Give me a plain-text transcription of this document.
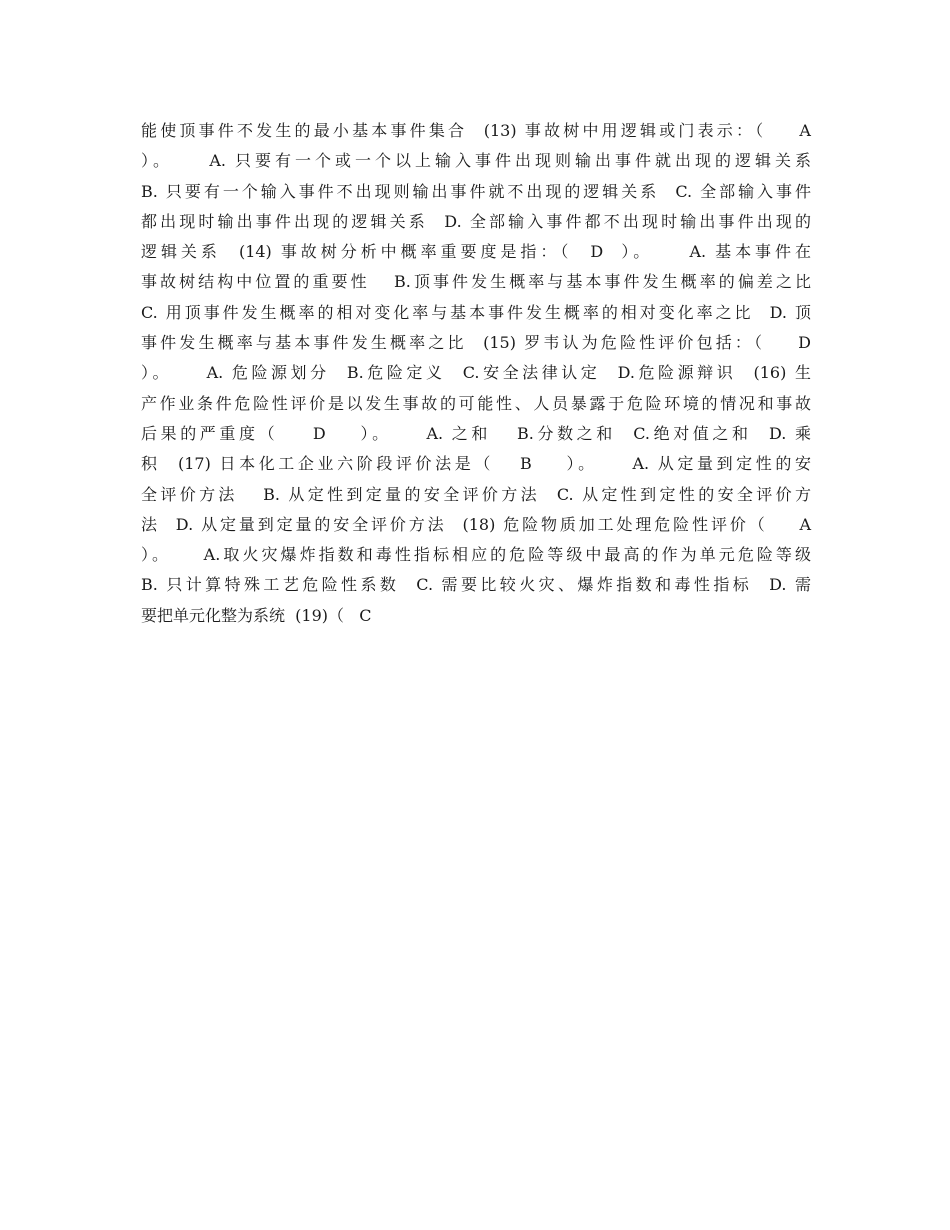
能使顶事件不发生的最小基本事件集合  (13) 事故树中用逻辑或门表示：（    A
）。    A. 只要有一个或一个以上输入事件出现则输出事件就出现的逻辑关系
B. 只要有一个输入事件不出现则输出事件就不出现的逻辑关系  C. 全部输入事件
都出现时输出事件出现的逻辑关系  D. 全部输入事件都不出现时输出事件出现的
逻辑关系  (14) 事故树分析中概率重要度是指：（  D  ）。    A. 基本事件在
事故树结构中位置的重要性   B.顶事件发生概率与基本事件发生概率的偏差之比
C. 用顶事件发生概率的相对变化率与基本事件发生概率的相对变化率之比  D. 顶
事件发生概率与基本事件发生概率之比  (15) 罗韦认为危险性评价包括：（    D
）。    A. 危险源划分  B.危险定义  C.安全法律认定  D.危险源辩识  (16) 生
产作业条件危险性评价是以发生事故的可能性、人员暴露于危险环境的情况和事故
后果的严重度（    D    ）。    A. 之和   B.分数之和  C.绝对值之和  D. 乘
积  (17) 日本化工企业六阶段评价法是（   B    ）。    A. 从定量到定性的安
全评价方法   B. 从定性到定量的安全评价方法  C. 从定性到定性的安全评价方
法  D. 从定量到定量的安全评价方法  (18) 危险物质加工处理危险性评价（    A
）。    A.取火灾爆炸指数和毒性指标相应的危险等级中最高的作为单元危险等级
B. 只计算特殊工艺危险性系数  C. 需要比较火灾、爆炸指数和毒性指标  D. 需
要把单元化整为系统  (19)（   C
